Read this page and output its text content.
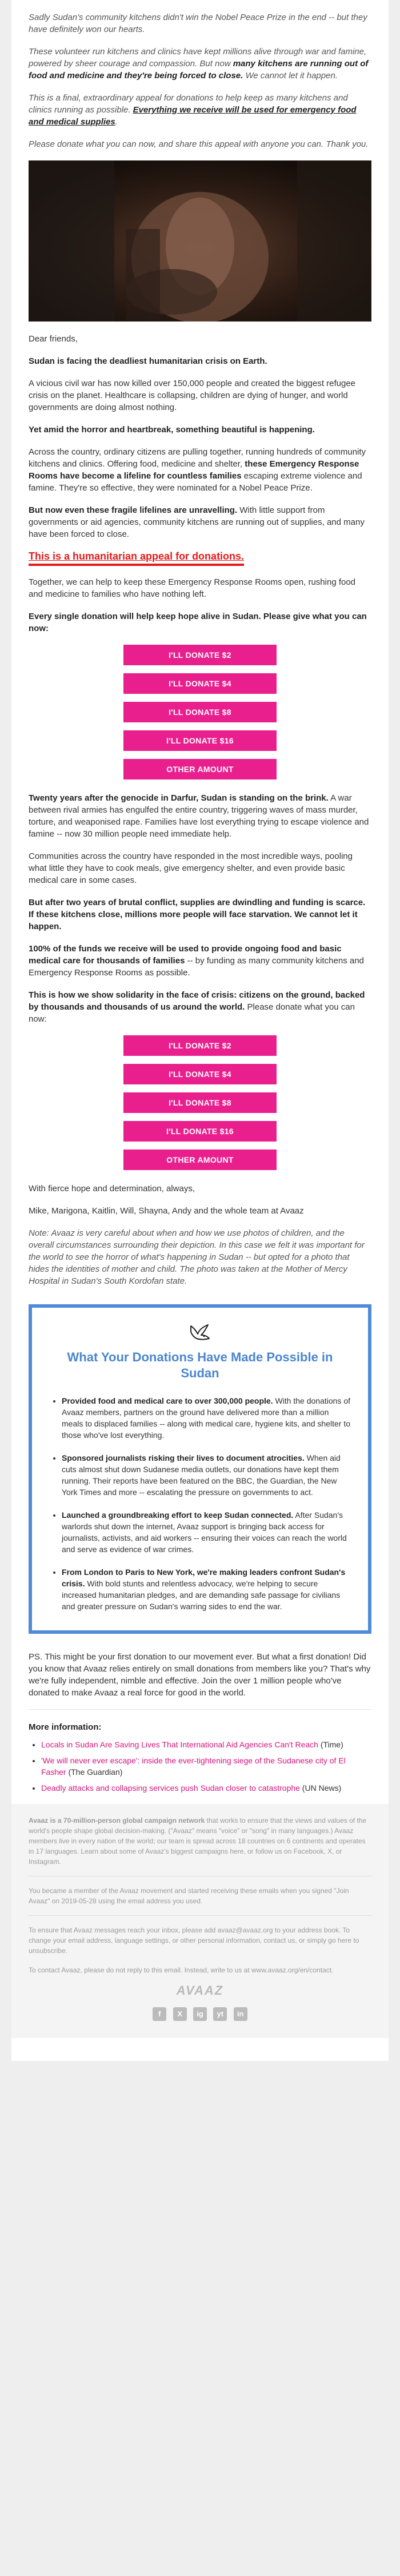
Sadly Sudan's community kitchens didn't win the Nobel Peace Prize in the end -- but they have definitely won our hearts.

These volunteer run kitchens and clinics have kept millions alive through war and famine, powered by sheer courage and compassion. But now many kitchens are running out of food and medicine and they're being forced to close. We cannot let it happen.

This is a final, extraordinary appeal for donations to help keep as many kitchens and clinics running as possible. Everything we receive will be used for emergency food and medical supplies.

Please donate what you can now, and share this appeal with anyone you can. Thank you.

Dear friends,

Sudan is facing the deadliest humanitarian crisis on Earth.

A vicious civil war has now killed over 150,000 people and created the biggest refugee crisis on the planet. Healthcare is collapsing, children are dying of hunger, and world governments are doing almost nothing.

Yet amid the horror and heartbreak, something beautiful is happening.

Across the country, ordinary citizens are pulling together, running hundreds of community kitchens and clinics. Offering food, medicine and shelter, these Emergency Response Rooms have become a lifeline for countless families escaping extreme violence and famine. They're so effective, they were nominated for a Nobel Peace Prize.

But now even these fragile lifelines are unravelling. With little support from governments or aid agencies, community kitchens are running out of supplies, and many have been forced to close.

This is a humanitarian appeal for donations.

Together, we can help to keep these Emergency Response Rooms open, rushing food and medicine to families who have nothing left.

Every single donation will help keep hope alive in Sudan. Please give what you can now:

I'LL DONATE $2
I'LL DONATE $4
I'LL DONATE $8
I'LL DONATE $16
OTHER AMOUNT

Twenty years after the genocide in Darfur, Sudan is standing on the brink. A war between rival armies has engulfed the entire country, triggering waves of mass murder, torture, and weaponised rape. Families have lost everything trying to escape violence and famine -- now 30 million people need immediate help.

Communities across the country have responded in the most incredible ways, pooling what little they have to cook meals, give emergency shelter, and even provide basic medical care in some cases.

But after two years of brutal conflict, supplies are dwindling and funding is scarce. If these kitchens close, millions more people will face starvation. We cannot let it happen.

100% of the funds we receive will be used to provide ongoing food and basic medical care for thousands of families -- by funding as many community kitchens and Emergency Response Rooms as possible.

This is how we show solidarity in the face of crisis: citizens on the ground, backed by thousands and thousands of us around the world. Please donate what you can now:

I'LL DONATE $2
I'LL DONATE $4
I'LL DONATE $8
I'LL DONATE $16
OTHER AMOUNT

With fierce hope and determination, always,

Mike, Marigona, Kaitlin, Will, Shayna, Andy and the whole team at Avaaz

Note: Avaaz is very careful about when and how we use photos of children, and the overall circumstances surrounding their depiction. In this case we felt it was important for the world to see the horror of what's happening in Sudan -- but opted for a photo that hides the identities of mother and child. The photo was taken at the Mother of Mercy Hospital in Sudan's South Kordofan state.

What Your Donations Have Made Possible in Sudan
• Provided food and medical care to over 300,000 people. With the donations of Avaaz members, partners on the ground have delivered more than a million meals to displaced families -- along with medical care, hygiene kits, and shelter to those who've lost everything.
• Sponsored journalists risking their lives to document atrocities. When aid cuts almost shut down Sudanese media outlets, our donations have kept them running. Their reports have been featured on the BBC, the Guardian, the New York Times and more -- escalating the pressure on governments to act.
• Launched a groundbreaking effort to keep Sudan connected. After Sudan's warlords shut down the internet, Avaaz support is bringing back access for journalists, activists, and aid workers -- ensuring their voices can reach the world and serve as evidence of war crimes.
• From London to Paris to New York, we're making leaders confront Sudan's crisis. With bold stunts and relentless advocacy, we're helping to secure increased humanitarian pledges, and are demanding safe passage for civilians and greater pressure on Sudan's warring sides to end the war.

PS. This might be your first donation to our movement ever. But what a first donation! Did you know that Avaaz relies entirely on small donations from members like you? That's why we're fully independent, nimble and effective. Join the over 1 million people who've donated to make Avaaz a real force for good in the world.

More information:
• Locals in Sudan Are Saving Lives That International Aid Agencies Can't Reach (Time)
• 'We will never ever escape': inside the ever-tightening siege of the Sudanese city of El Fasher (The Guardian)
• Deadly attacks and collapsing services push Sudan closer to catastrophe (UN News)

Avaaz is a 70-million-person global campaign network that works to ensure that the views and values of the world's people shape global decision-making. ("Avaaz" means "voice" or "song" in many languages.) Avaaz members live in every nation of the world; our team is spread across 18 countries on 6 continents and operates in 17 languages. Learn about some of Avaaz's biggest campaigns here, or follow us on Facebook, X, or Instagram.

You became a member of the Avaaz movement and started receiving these emails when you signed "Join Avaaz" on 2019-05-28 using the email address you used.

To ensure that Avaaz messages reach your inbox, please add avaaz@avaaz.org to your address book. To change your email address, language settings, or other personal information, contact us, or simply go here to unsubscribe.

To contact Avaaz, please do not reply to this email. Instead, write to us at www.avaaz.org/en/contact.

AVAAZ
f X ig yt in
